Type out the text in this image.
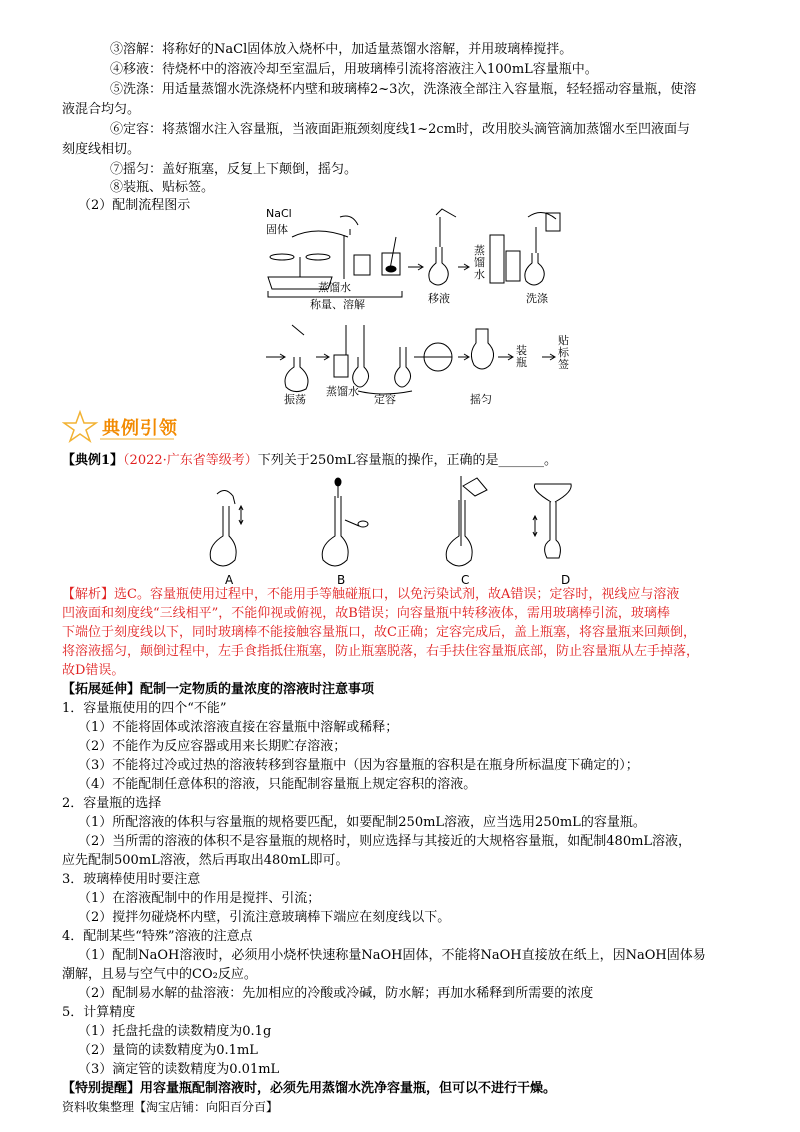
③溶解：将称好的NaCl固体放入烧杯中，加适量蒸馏水溶解，并用玻璃棒搅拌。
④移液：待烧杯中的溶液冷却至室温后，用玻璃棒引流将溶液注入100mL容量瓶中。
⑤洗涤：用适量蒸馏水洗涤烧杯内壁和玻璃棒2~3次，洗涤液全部注入容量瓶，轻轻摇动容量瓶，使溶
液混合均匀。
⑥定容：将蒸馏水注入容量瓶，当液面距瓶颈刻度线1~2cm时，改用胶头滴管滴加蒸馏水至凹液面与
刻度线相切。
⑦摇匀：盖好瓶塞，反复上下颠倒，摇匀。
⑧装瓶、贴标签。
（2）配制流程图示
NaCl
固体
蒸馏水
称量、溶解	移液
蒸馏水
洗涤
振荡
蒸馏水
定容	摇匀
装瓶
贴标签
典例引领
【典例1】（2022·广东省等级考）下列关于250mL容量瓶的操作，正确的是_______。
A	B	C	D
【解析】选C。容量瓶使用过程中，不能用手等触碰瓶口，以免污染试剂，故A错误；定容时，视线应与溶液
凹液面和刻度线“三线相平”，不能仰视或俯视，故B错误；向容量瓶中转移液体，需用玻璃棒引流，玻璃棒
下端位于刻度线以下，同时玻璃棒不能接触容量瓶口，故C正确；定容完成后，盖上瓶塞，将容量瓶来回颠倒，
将溶液摇匀，颠倒过程中，左手食指抵住瓶塞，防止瓶塞脱落，右手扶住容量瓶底部，防止容量瓶从左手掉落，
故D错误。
【拓展延伸】配制一定物质的量浓度的溶液时注意事项
1．容量瓶使用的四个“不能”
（1）不能将固体或浓溶液直接在容量瓶中溶解或稀释；
（2）不能作为反应容器或用来长期贮存溶液；
（3）不能将过冷或过热的溶液转移到容量瓶中（因为容量瓶的容积是在瓶身所标温度下确定的）；
（4）不能配制任意体积的溶液，只能配制容量瓶上规定容积的溶液。
2．容量瓶的选择
（1）所配溶液的体积与容量瓶的规格要匹配，如要配制250mL溶液，应当选用250mL的容量瓶。
（2）当所需的溶液的体积不是容量瓶的规格时，则应选择与其接近的大规格容量瓶，如配制480mL溶液，
应先配制500mL溶液，然后再取出480mL即可。
3．玻璃棒使用时要注意
（1）在溶液配制中的作用是搅拌、引流；
（2）搅拌勿碰烧杯内壁，引流注意玻璃棒下端应在刻度线以下。
4．配制某些“特殊”溶液的注意点
（1）配制NaOH溶液时，必须用小烧杯快速称量NaOH固体，不能将NaOH直接放在纸上，因NaOH固体易
潮解，且易与空气中的CO₂反应。
（2）配制易水解的盐溶液：先加相应的冷酸或冷碱，防水解；再加水稀释到所需要的浓度
5．计算精度
（1）托盘托盘的读数精度为0.1g
（2）量筒的读数精度为0.1mL
（3）滴定管的读数精度为0.01mL
【特别提醒】用容量瓶配制溶液时，必须先用蒸馏水洗净容量瓶，但可以不进行干燥。
资料收集整理【淘宝店铺：向阳百分百】
